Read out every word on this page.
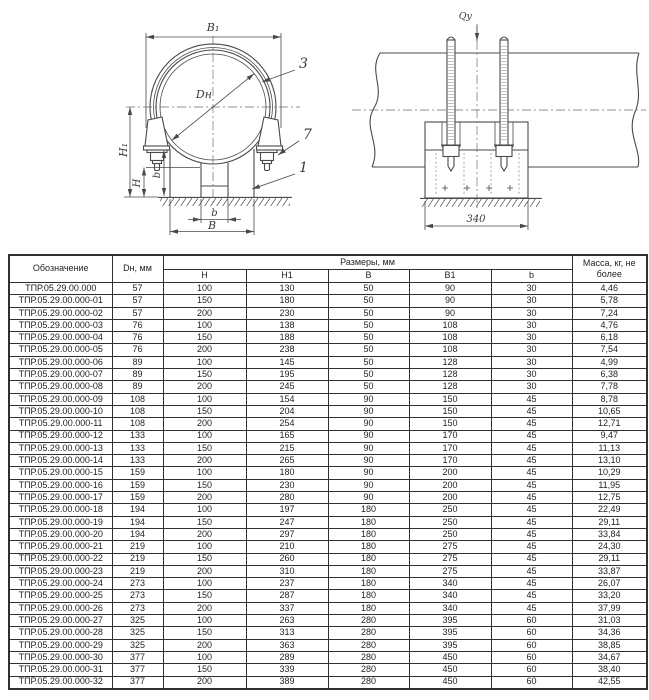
Dн
B₁
H₁
H
b
b
B
3
7
1
Qу
340
Обозначение	Dн, мм	Размеры, мм					Масса, кг, не более
		H	H1	B	B1	b	
ТПР.05.29.00.000	57	100	130	50	90	30	4,46
ТПР.05.29.00.000-01	57	150	180	50	90	30	5,78
ТПР.05.29.00.000-02	57	200	230	50	90	30	7,24
ТПР.05.29.00.000-03	76	100	138	50	108	30	4,76
ТПР.05.29.00.000-04	76	150	188	50	108	30	6,18
ТПР.05.29.00.000-05	76	200	238	50	108	30	7,54
ТПР.05.29.00.000-06	89	100	145	50	128	30	4,99
ТПР.05.29.00.000-07	89	150	195	50	128	30	6,38
ТПР.05.29.00.000-08	89	200	245	50	128	30	7,78
ТПР.05.29.00.000-09	108	100	154	90	150	45	8,78
ТПР.05.29.00.000-10	108	150	204	90	150	45	10,65
ТПР.05.29.00.000-11	108	200	254	90	150	45	12,71
ТПР.05.29.00.000-12	133	100	165	90	170	45	9,47
ТПР.05.29.00.000-13	133	150	215	90	170	45	11,13
ТПР.05.29.00.000-14	133	200	265	90	170	45	13,10
ТПР.05.29.00.000-15	159	100	180	90	200	45	10,29
ТПР.05.29.00.000-16	159	150	230	90	200	45	11,95
ТПР.05.29.00.000-17	159	200	280	90	200	45	12,75
ТПР.05.29.00.000-18	194	100	197	180	250	45	22,49
ТПР.05.29.00.000-19	194	150	247	180	250	45	29,11
ТПР.05.29.00.000-20	194	200	297	180	250	45	33,84
ТПР.05.29.00.000-21	219	100	210	180	275	45	24,30
ТПР.05.29.00.000-22	219	150	260	180	275	45	29,11
ТПР.05.29.00.000-23	219	200	310	180	275	45	33,87
ТПР.05.29.00.000-24	273	100	237	180	340	45	26,07
ТПР.05.29.00.000-25	273	150	287	180	340	45	33,20
ТПР.05.29.00.000-26	273	200	337	180	340	45	37,99
ТПР.05.29.00.000-27	325	100	263	280	395	60	31,03
ТПР.05.29.00.000-28	325	150	313	280	395	60	34,36
ТПР.05.29.00.000-29	325	200	363	280	395	60	38,85
ТПР.05.29.00.000-30	377	100	289	280	450	60	34,67
ТПР.05.29.00.000-31	377	150	339	280	450	60	38,40
ТПР.05.29.00.000-32	377	200	389	280	450	60	42,55
